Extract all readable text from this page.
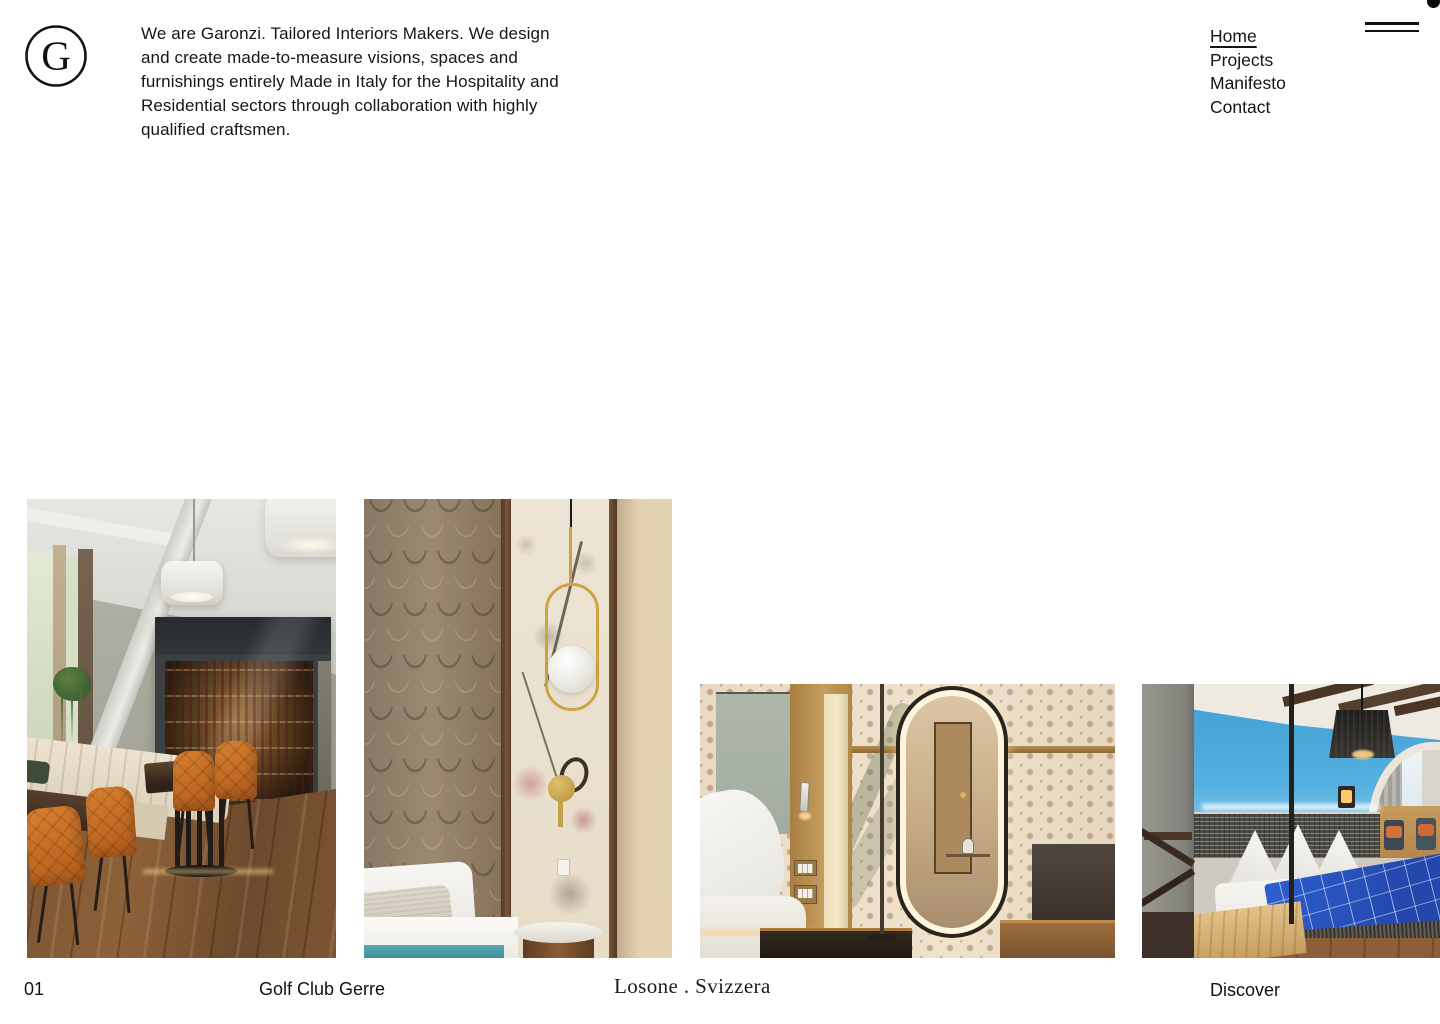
G	We are Garonzi. Tailored Interiors Makers. We design and create made-to-measure visions, spaces and furnishings entirely Made in Italy for the Hospitality and Residential sectors through collaboration with highly qualified craftsmen.

Home
Projects
Manifesto
Contact
01	Golf Club Gerre	Losone . Svizzera	Discover
